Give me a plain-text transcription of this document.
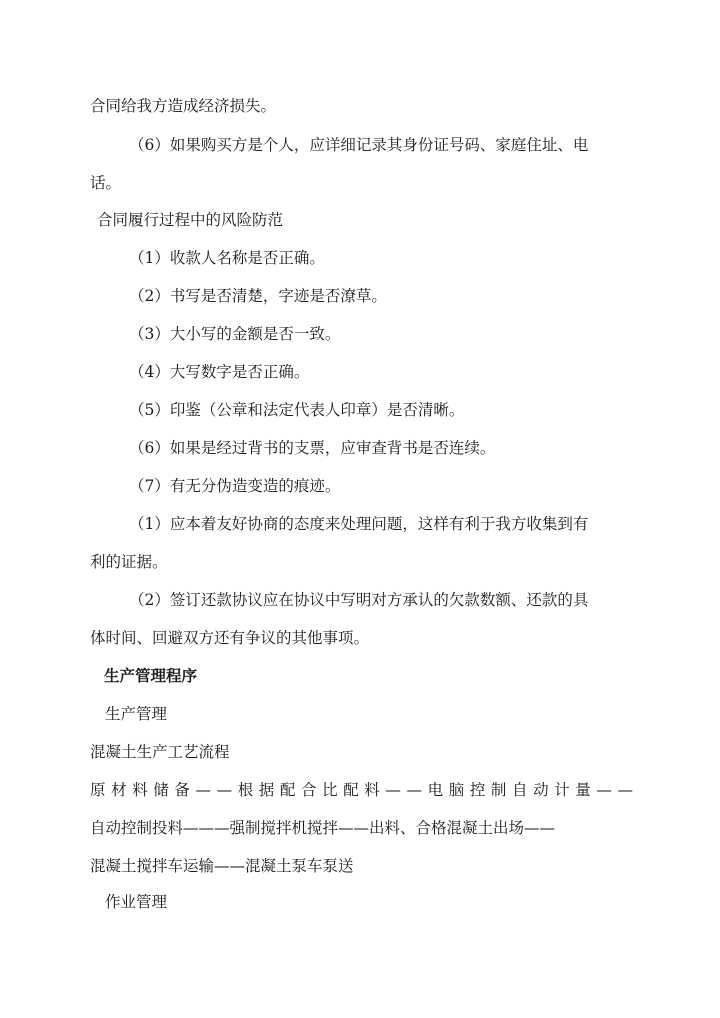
合同给我方造成经济损失。
（6）如果购买方是个人，应详细记录其身份证号码、家庭住址、电
话。
合同履行过程中的风险防范
（1）收款人名称是否正确。
（2）书写是否清楚，字迹是否潦草。
（3）大小写的金额是否一致。
（4）大写数字是否正确。
（5）印鉴（公章和法定代表人印章）是否清晰。
（6）如果是经过背书的支票，应审查背书是否连续。
（7）有无分伪造变造的痕迹。
（1）应本着友好协商的态度来处理问题，这样有利于我方收集到有
利的证据。
（2）签订还款协议应在协议中写明对方承认的欠款数额、还款的具
体时间、回避双方还有争议的其他事项。
生产管理程序
生产管理
混凝土生产工艺流程
原材料储备——根据配合比配料——电脑控制自动计量——
自动控制投料———强制搅拌机搅拌——出料、合格混凝土出场——
混凝土搅拌车运输——混凝土泵车泵送
作业管理
